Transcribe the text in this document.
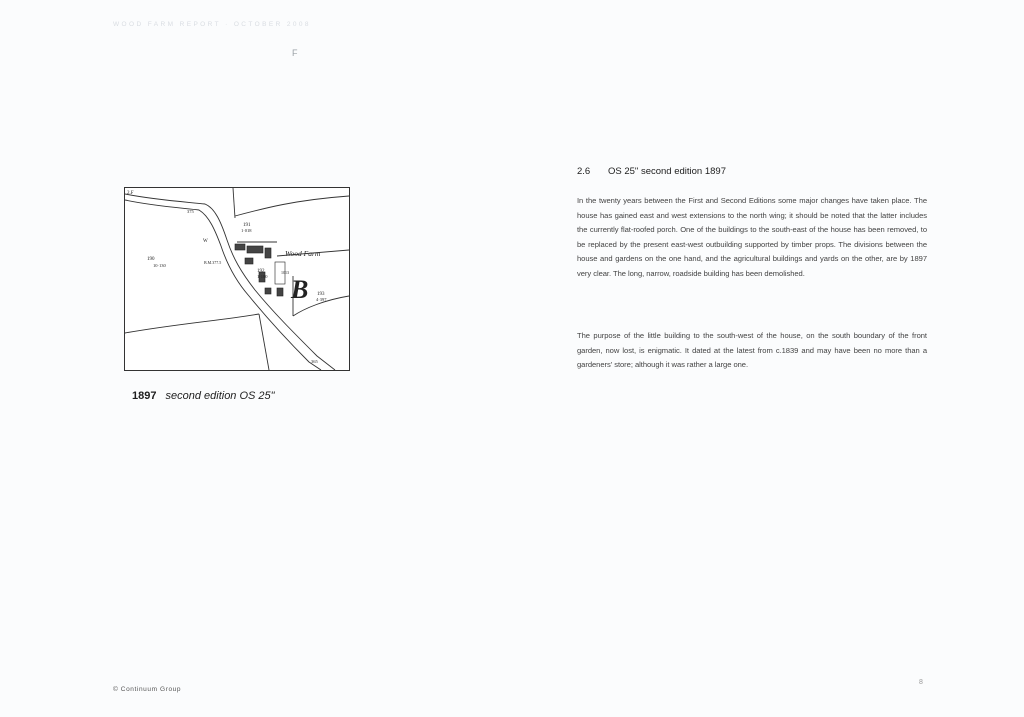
WOOD FARM REPORT · OCTOBER 2008
F
2.F
375
191
1·018
W
190
10·130
B.M.377.5
Wood Farm
192
1·180
1013
B 193
4·397
365
1897 second edition OS 25"
2.6 OS 25" second edition 1897

In the twenty years between the First and Second Editions some major changes have taken place. The house has gained east and west extensions to the north wing; it should be noted that the latter includes the currently flat-roofed porch. One of the buildings to the south-east of the house has been removed, to be replaced by the present east-west outbuilding supported by timber props. The divisions between the house and gardens on the one hand, and the agricultural buildings and yards on the other, are by 1897 very clear. The long, narrow, roadside building has been demolished.

The purpose of the little building to the south-west of the house, on the south boundary of the front garden, now lost, is enigmatic. It dated at the latest from c.1839 and may have been no more than a gardeners' store; although it was rather a large one.

© Continuum Group
8
